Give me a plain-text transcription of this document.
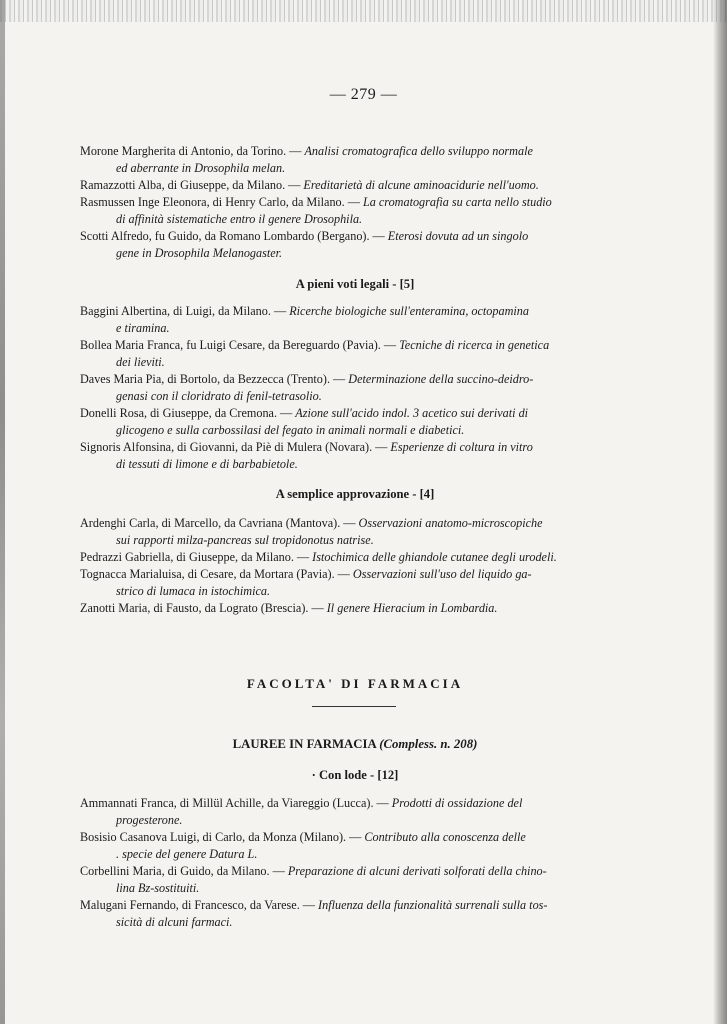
— 279 —

Morone Margherita di Antonio, da Torino. — Analisi cromatografica dello sviluppo normale
ed aberrante in Drosophila melan.

Ramazzotti Alba, di Giuseppe, da Milano. — Ereditarietà di alcune aminoacidurie nell'uomo.

Rasmussen Inge Eleonora, di Henry Carlo, da Milano. — La cromatografia su carta nello studio
di affinità sistematiche entro il genere Drosophila.

Scotti Alfredo, fu Guido, da Romano Lombardo (Bergano). — Eterosi dovuta ad un singolo
gene in Drosophila Melanogaster.

A pieni voti legali - [5]

Baggini Albertina, di Luigi, da Milano. — Ricerche biologiche sull'enteramina, octopamina
e tiramina.

Bollea Maria Franca, fu Luigi Cesare, da Bereguardo (Pavia). — Tecniche di ricerca in genetica
dei lieviti.

Daves Maria Pia, di Bortolo, da Bezzecca (Trento). — Determinazione della succino-deidro-
genasi con il cloridrato di fenil-tetrasolio.

Donelli Rosa, di Giuseppe, da Cremona. — Azione sull'acido indol. 3 acetico sui derivati di
glicogeno e sulla carbossilasi del fegato in animali normali e diabetici.

Signoris Alfonsina, di Giovanni, da Piè di Mulera (Novara). — Esperienze di coltura in vitro
di tessuti di limone e di barbabietole.

A semplice approvazione - [4]

Ardenghi Carla, di Marcello, da Cavriana (Mantova). — Osservazioni anatomo-microscopiche
sui rapporti milza-pancreas sul tropidonotus natrise.

Pedrazzi Gabriella, di Giuseppe, da Milano. — Istochimica delle ghiandole cutanee degli urodeli.

Tognacca Marialuisa, di Cesare, da Mortara (Pavia). — Osservazioni sull'uso del liquido ga-
strico di lumaca in istochimica.

Zanotti Maria, di Fausto, da Lograto (Brescia). — Il genere Hieracium in Lombardia.

FACOLTA' DI FARMACIA
LAUREE IN FARMACIA (Compless. n. 208)
· Con lode - [12]

Ammannati Franca, di Millül Achille, da Viareggio (Lucca). — Prodotti di ossidazione del
progesterone.

Bosisio Casanova Luigi, di Carlo, da Monza (Milano). — Contributo alla conoscenza delle
. specie del genere Datura L.

Corbellini Maria, di Guido, da Milano. — Preparazione di alcuni derivati solforati della chino-
lina Bz-sostituiti.

Malugani Fernando, di Francesco, da Varese. — Influenza della funzionalità surrenali sulla tos-
sicità di alcuni farmaci.
